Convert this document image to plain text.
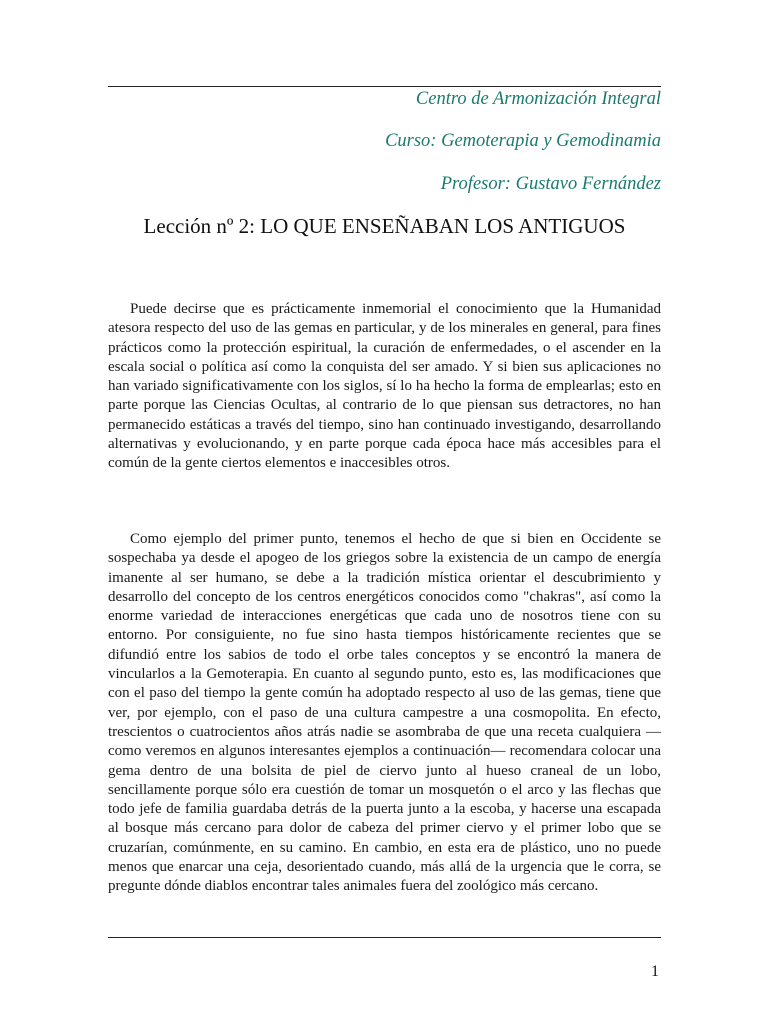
Centro de Armonización Integral
Curso: Gemoterapia y Gemodinamia
Profesor: Gustavo Fernández
Lección nº 2: LO QUE ENSEÑABAN LOS ANTIGUOS

Puede decirse que es prácticamente inmemorial el conocimiento que la Humanidad atesora respecto del uso de las gemas en particular, y de los minerales en general, para fines prácticos como la protección espiritual, la curación de enfermedades, o el ascender en la escala social o política así como la conquista del ser amado. Y si bien sus aplicaciones no han variado significativamente con los siglos, sí lo ha hecho la forma de emplearlas; esto en parte porque las Ciencias Ocultas, al contrario de lo que piensan sus detractores, no han permanecido estáticas a través del tiempo, sino han continuado investigando, desarrollando alternativas y evolucionando, y en parte porque cada época hace más accesibles para el común de la gente ciertos elementos e inaccesibles otros.

Como ejemplo del primer punto, tenemos el hecho de que si bien en Occidente se sospechaba ya desde el apogeo de los griegos sobre la existencia de un campo de energía imanente al ser humano, se debe a la tradición mística orientar el descubrimiento y desarrollo del concepto de los centros energéticos conocidos como "chakras", así como la enorme variedad de interacciones energéticas que cada uno de nosotros tiene con su entorno. Por consiguiente, no fue sino hasta tiempos históricamente recientes que se difundió entre los sabios de todo el orbe tales conceptos y se encontró la manera de vincularlos a la Gemoterapia. En cuanto al segundo punto, esto es, las modificaciones que con el paso del tiempo la gente común ha adoptado respecto al uso de las gemas, tiene que ver, por ejemplo, con el paso de una cultura campestre a una cosmopolita. En efecto, trescientos o cuatrocientos años atrás nadie se asombraba de que una receta cualquiera —como veremos en algunos interesantes ejemplos a continuación— recomendara colocar una gema dentro de una bolsita de piel de ciervo junto al hueso craneal de un lobo, sencillamente porque sólo era cuestión de tomar un mosquetón o el arco y las flechas que todo jefe de familia guardaba detrás de la puerta junto a la escoba, y hacerse una escapada al bosque más cercano para dolor de cabeza del primer ciervo y el primer lobo que se cruzarían, comúnmente, en su camino. En cambio, en esta era de plástico, uno no puede menos que enarcar una ceja, desorientado cuando, más allá de la urgencia que le corra, se pregunte dónde diablos encontrar tales animales fuera del zoológico más cercano.

1
